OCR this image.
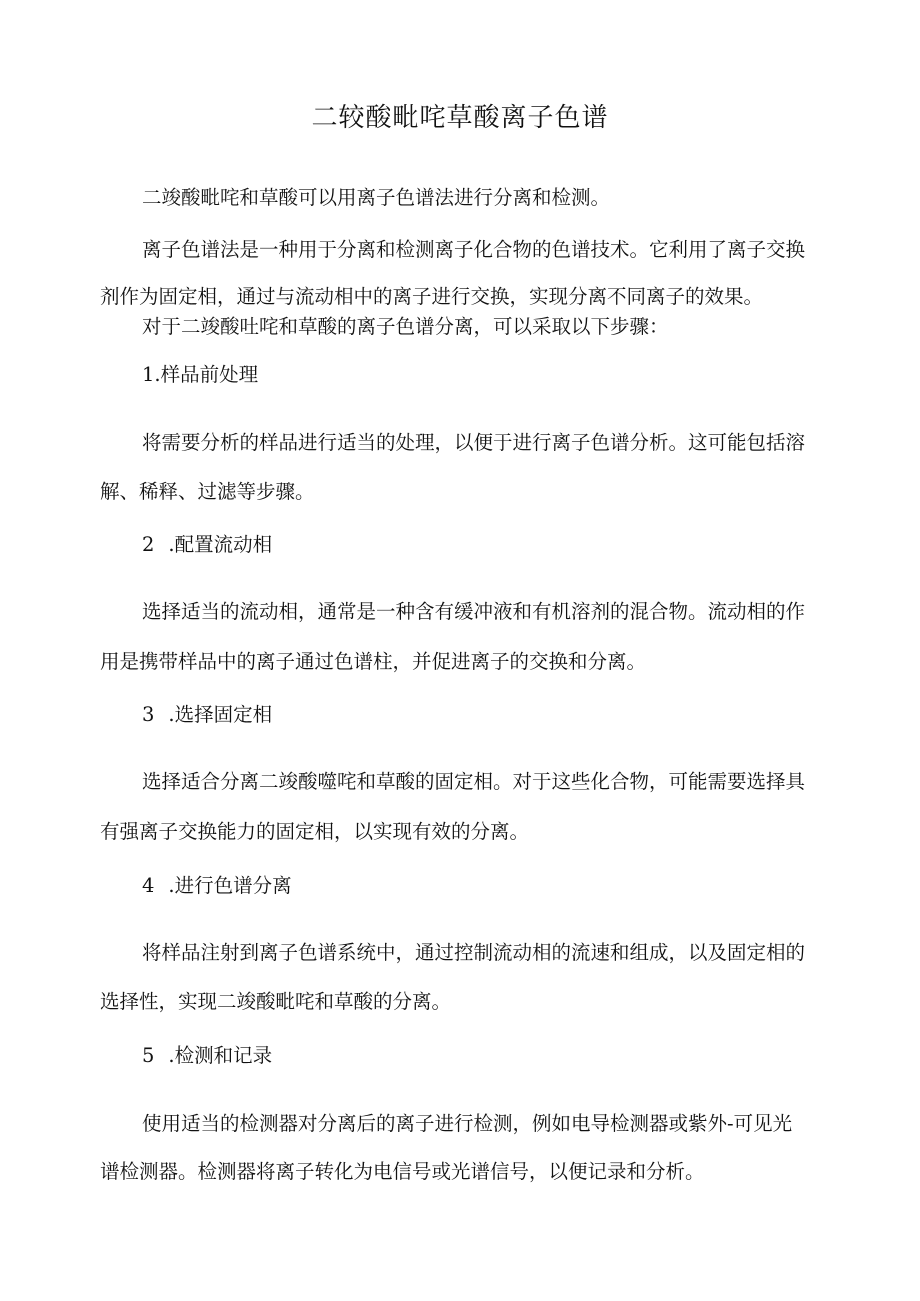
二较酸毗咤草酸离子色谱
二竣酸毗咤和草酸可以用离子色谱法进行分离和检测。
离子色谱法是一种用于分离和检测离子化合物的色谱技术。它利用了离子交换
剂作为固定相，通过与流动相中的离子进行交换，实现分离不同离子的效果。
对于二竣酸吐咤和草酸的离子色谱分离，可以采取以下步骤：
1.样品前处理
将需要分析的样品进行适当的处理，以便于进行离子色谱分析。这可能包括溶
解、稀释、过滤等步骤。
2 .配置流动相
选择适当的流动相，通常是一种含有缓冲液和有机溶剂的混合物。流动相的作
用是携带样品中的离子通过色谱柱，并促进离子的交换和分离。
3 .选择固定相
选择适合分离二竣酸噬咤和草酸的固定相。对于这些化合物，可能需要选择具
有强离子交换能力的固定相，以实现有效的分离。
4 .进行色谱分离
将样品注射到离子色谱系统中，通过控制流动相的流速和组成，以及固定相的
选择性，实现二竣酸毗咤和草酸的分离。
5 .检测和记录
使用适当的检测器对分离后的离子进行检测，例如电导检测器或紫外-可见光
谱检测器。检测器将离子转化为电信号或光谱信号，以便记录和分析。
